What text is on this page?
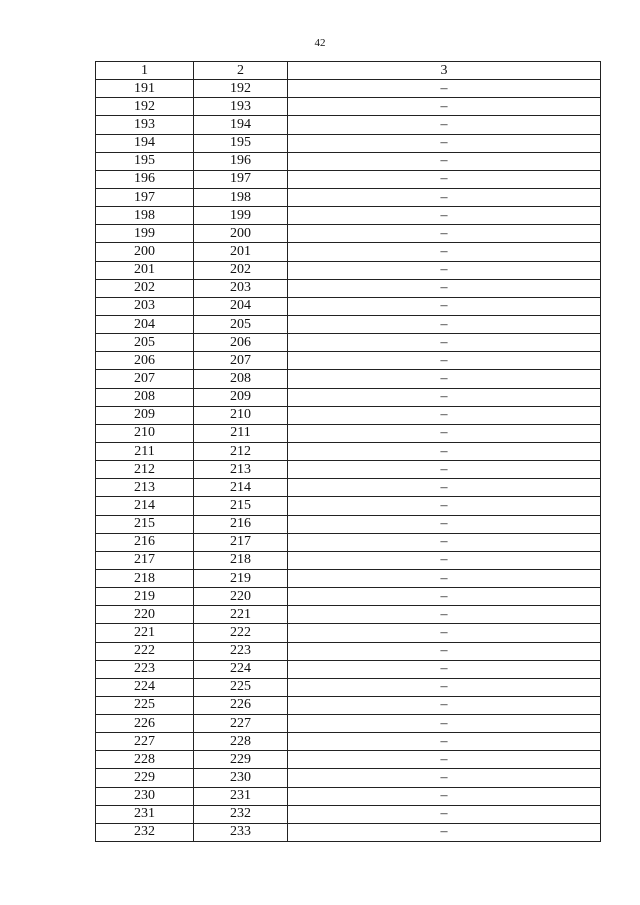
42
1	2	3
191	192	–
192	193	–
193	194	–
194	195	–
195	196	–
196	197	–
197	198	–
198	199	–
199	200	–
200	201	–
201	202	–
202	203	–
203	204	–
204	205	–
205	206	–
206	207	–
207	208	–
208	209	–
209	210	–
210	211	–
211	212	–
212	213	–
213	214	–
214	215	–
215	216	–
216	217	–
217	218	–
218	219	–
219	220	–
220	221	–
221	222	–
222	223	–
223	224	–
224	225	–
225	226	–
226	227	–
227	228	–
228	229	–
229	230	–
230	231	–
231	232	–
232	233	–
